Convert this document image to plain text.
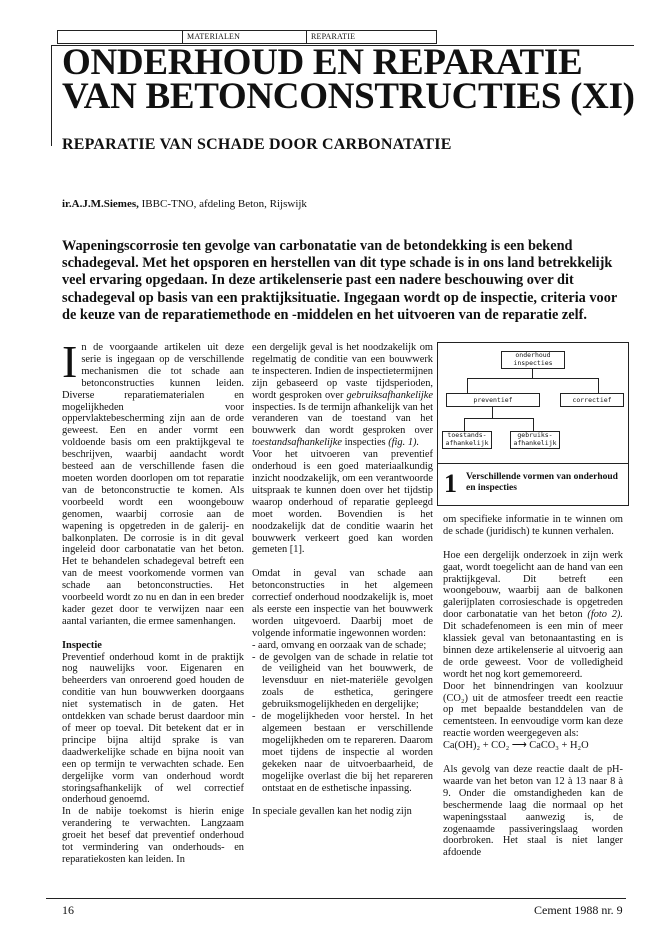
MATERIALEN	REPARATIE
ONDERHOUD EN REPARATIE
VAN BETONCONSTRUCTIES (XI)
REPARATIE VAN SCHADE DOOR CARBONATATIE
ir.A.J.M.Siemes, IBBC-TNO, afdeling Beton, Rijswijk
Wapeningscorrosie ten gevolge van carbonatatie van de betondekking is een bekend schadegeval. Met het opsporen en herstellen van dit type schade is in ons land betrekkelijk veel ervaring opgedaan. In deze artikelenserie past een nadere beschouwing over dit schadegeval op basis van een praktijksituatie. Ingegaan wordt op de inspectie, criteria voor de keuze van de reparatiemethode en -middelen en het uitvoeren van de reparatie zelf.

In de voorgaande artikelen uit deze serie is ingegaan op de verschillende mechanismen die tot schade aan betonconstructies kunnen leiden. Diverse reparatiematerialen en mogelijkheden voor oppervlaktebescherming zijn aan de orde geweest. Een en ander vormt een voldoende basis om een praktijkgeval te beschrijven, waarbij aandacht wordt besteed aan de verschillende fasen die moeten worden doorlopen om tot reparatie van de betonconstructie te komen. Als voorbeeld wordt een woongebouw genomen, waarbij corrosie aan de wapening is opgetreden in de galerij- en balkonplaten. De corrosie is in dit geval ingeleid door carbonatatie van het beton. Het te behandelen schadegeval betreft een van de meest voorkomende vormen van schade aan betonconstructies. Het voorbeeld wordt zo nu en dan in een breder kader gezet door te verwijzen naar een aantal varianten, die ermee samenhangen.

Inspectie

Preventief onderhoud komt in de praktijk nog nauwelijks voor. Eigenaren en beheerders van onroerend goed houden de conditie van hun bouwwerken doorgaans niet systematisch in de gaten. Het ontdekken van schade berust daardoor min of meer op toeval. Dit betekent dat er in principe bijna altijd sprake is van daadwerkelijke schade en bijna nooit van een op termijn te verwachten schade. Een dergelijke vorm van onderhoud wordt storingsafhankelijk of wel correctief onderhoud genoemd.

In de nabije toekomst is hierin enige verandering te verwachten. Langzaam groeit het besef dat preventief onderhoud tot vermindering van onderhouds- en reparatiekosten kan leiden. In

een dergelijk geval is het noodzakelijk om regelmatig de conditie van een bouwwerk te inspecteren. Indien de inspectietermijnen zijn gebaseerd op vaste tijdsperioden, wordt gesproken over gebruiksafhankelijke inspecties. Is de termijn afhankelijk van het veranderen van de toestand van het bouwwerk dan wordt gesproken over toestandsafhankelijke inspecties (fig. 1).

Voor het uitvoeren van preventief onderhoud is een goed materiaalkundig inzicht noodzakelijk, om een verantwoorde uitspraak te kunnen doen over het tijdstip waarop onderhoud of reparatie gepleegd moet worden. Bovendien is het noodzakelijk dat de conditie waarin het bouwwerk verkeert goed kan worden gemeten [1].

Omdat in geval van schade aan betonconstructies in het algemeen correctief onderhoud noodzakelijk is, moet als eerste een inspectie van het bouwwerk worden uitgevoerd. Daarbij moet de volgende informatie ingewonnen worden:

- aard, omvang en oorzaak van de schade;

- de gevolgen van de schade in relatie tot de veiligheid van het bouwwerk, de levensduur en niet-materiële gevolgen zoals de esthetica, geringere gebruiksmogelijkheden en dergelijke;

- de mogelijkheden voor herstel. In het algemeen bestaan er verschillende mogelijkheden om te repareren. Daarom moet tijdens de inspectie al worden gekeken naar de uitvoerbaarheid, de mogelijke overlast die bij het repareren ontstaat en de esthetische inpassing.

In speciale gevallen kan het nodig zijn

onderhoud inspecties
preventief	correctief
toestands-afhankelijk
gebruiks-afhankelijk
1 Verschillende vormen van onderhoud en inspecties

om specifieke informatie in te winnen om de schade (juridisch) te kunnen verhalen.

Hoe een dergelijk onderzoek in zijn werk gaat, wordt toegelicht aan de hand van een praktijkgeval. Dit betreft een woongebouw, waarbij aan de balkonen galerijplaten corrosieschade is opgetreden door carbonatatie van het beton (foto 2). Dit schadefenomeen is een min of meer klassiek geval van betonaantasting en is binnen deze artikelenserie al uitvoerig aan de orde geweest. Voor de volledigheid wordt het nog kort gememoreerd.

Door het binnendringen van koolzuur (CO₂) uit de atmosfeer treedt een reactie op met bepaalde bestanddelen van de cementsteen. In eenvoudige vorm kan deze reactie worden weergegeven als:

Ca(OH)₂ + CO₂ ⟶ CaCO₃ + H₂O

Als gevolg van deze reactie daalt de pH-waarde van het beton van 12 à 13 naar 8 à 9. Onder die omstandigheden kan de beschermende laag die normaal op het wapeningsstaal aanwezig is, de zogenaamde passiveringslaag worden doorbroken. Het staal is niet langer afdoende

16	Cement 1988 nr. 9
